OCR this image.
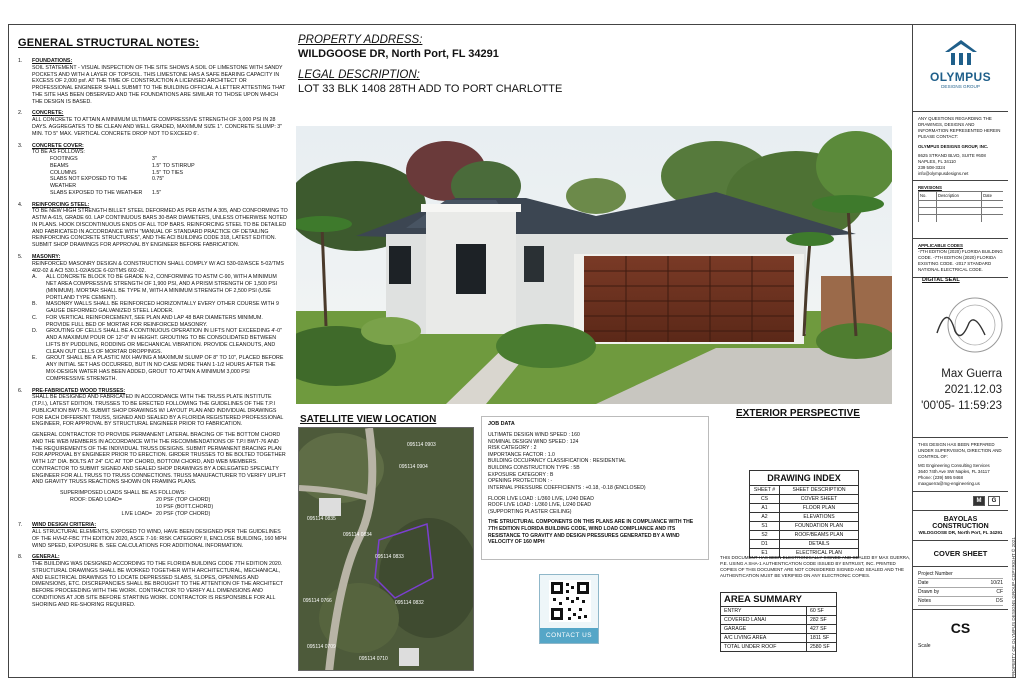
GENERAL STRUCTURAL NOTES:
1.	FOUNDATIONS:
SOIL STATEMENT - VISUAL INSPECTION OF THE SITE SHOWS A SOIL OF LIMESTONE WITH SANDY POCKETS AND WITH A LAYER OF TOPSOIL. THIS LIMESTONE HAS A SAFE BEARING CAPACITY IN EXCESS OF 2,000 psf. AT THE TIME OF CONSTRUCTION A LICENSED ARCHITECT OR PROFESSIONAL ENGINEER SHALL SUBMIT TO THE BUILDING OFFICIAL A LETTER ATTESTING THAT THE SITE HAS BEEN OBSERVED AND THE FOUNDATIONS ARE SIMILAR TO THOSE UPON WHICH THE DESIGN IS BASED.
2.	CONCRETE:
ALL CONCRETE TO ATTAIN A MINIMUM ULTIMATE COMPRESSIVE STRENGTH OF 3,000 PSI IN 28 DAYS. AGGREGATES TO BE CLEAN AND WELL GRADED, MAXIMUM SIZE 1". CONCRETE SLUMP: 3" MIN. TO 5" MAX. VERTICAL CONCRETE DROP NOT TO EXCEED 6'.
3.	CONCRETE COVER:
TO BE AS FOLLOWS:
FOOTINGS	3"
BEAMS	1.5" TO STIRRUP
COLUMNS	1.5" TO TIES
SLABS NOT EXPOSED TO THE WEATHER
0.75"
SLABS EXPOSED TO THE WEATHER	1.5"
4.	REINFORCING STEEL:
TO BE NEW HIGH STRENGTH BILLET STEEL DEFORMED AS PER ASTM A 305, AND CONFORMING TO ASTM A-615, GRADE 60. LAP CONTINUOUS BARS 30-BAR DIAMETERS, UNLESS OTHERWISE NOTED IN PLANS. HOOK DISCONTINUOUS ENDS OF ALL TOP BARS. REINFORCING STEEL TO BE DETAILED AND FABRICATED IN ACCORDANCE WITH "MANUAL OF STANDARD PRACTICE OF DETAILING REINFORCING CONCRETE STRUCTURES", AND THE ACI BUILDING CODE 318, LATEST EDITION. SUBMIT SHOP DRAWINGS FOR APPROVAL BY ENGINEER BEFORE FABRICATION.
5.	MASONRY:
REINFORCED MASONRY DESIGN & CONSTRUCTION SHALL COMPLY W/ ACI 530-02/ASCE 5-02/TMS 402-02 & ACI 530.1-02/ASCE 6-02/TMS 602-02.
A.	ALL CONCRETE BLOCK TO BE GRADE N-2, CONFORMING TO ASTM C-90, WITH A MINIMUM NET AREA COMPRESSIVE STRENGTH OF 1,900 PSI, AND A PRISM STRENGTH OF 1,500 PSI (MINIMUM). MORTAR SHALL BE TYPE M, WITH A MINIMUM STRENGTH OF 2,500 PSI (USE PORTLAND TYPE CEMENT).
B.	MASONRY WALLS SHALL BE REINFORCED HORIZONTALLY EVERY OTHER COURSE WITH 9 GAUGE DEFORMED GALVANIZED STEEL LADDER.
C.	FOR VERTICAL REINFORCEMENT, SEE PLAN AND LAP 48 BAR DIAMETERS MINIMUM. PROVIDE FULL BED OF MORTAR FOR REINFORCED MASONRY.
D.	GROUTING OF CELLS SHALL BE A CONTINUOUS OPERATION IN LIFTS NOT EXCEEDING 4'-0" AND A MAXIMUM POUR OF 12'-0" IN HEIGHT. GROUTING TO BE CONSOLIDATED BETWEEN LIFTS BY PUDDLING, RODDING OR MECHANICAL VIBRATION. PROVIDE CLEANOUTS, AND CLEAN OUT CELLS OF MORTAR DROPPINGS.
E.	GROUT SHALL BE A PLASTIC MIX HAVING A MAXIMUM SLUMP OF 8" TO 10", PLACED BEFORE ANY INITIAL SET HAS OCCURRED, BUT IN NO CASE MORE THAN 1-1/2 HOURS AFTER THE MIX-DESIGN WATER HAS BEEN ADDED, GROUT TO ATTAIN A MINIMUM 3,000 PSI COMPRESSIVE STRENGTH.
6.	PRE-FABRICATED WOOD TRUSSES:
SHALL BE DESIGNED AND FABRICATED IN ACCORDANCE WITH THE TRUSS PLATE INSTITUTE (T.P.I.), LATEST EDITION. TRUSSES TO BE ERECTED FOLLOWING THE GUIDELINES OF THE T.P.I PUBLICATION BWT-76. SUBMIT SHOP DRAWINGS W/ LAYOUT PLAN AND INDIVIDUAL DRAWINGS FOR EACH DIFFERENT TRUSS, SIGNED AND SEALED BY A FLORIDA REGISTERED PROFESSIONAL ENGINEER, FOR APPROVAL BY STRUCTURAL ENGINEER PRIOR TO FABRICATION.
GENERAL CONTRACTOR TO PROVIDE PERMANENT LATERAL BRACING OF THE BOTTOM CHORD AND THE WEB MEMBERS IN ACCORDANCE WITH THE RECOMMENDATIONS OF T.P.I BWT-76 AND THE REQUIREMENTS OF THE INDIVIDUAL TRUSS DESIGNS. SUBMIT PERMANENT BRACING PLAN FOR APPROVAL BY ENGINEER PRIOR TO ERECTION. GIRDER TRUSSES TO BE BOLTED TOGETHER WITH 1/2" DIA. BOLTS AT 24" C/C AT TOP CHORD, BOTTOM CHORD, AND WEB MEMBERS. CONTRACTOR TO SUBMIT SIGNED AND SEALED SHOP DRAWINGS BY A DELEGATED SPECIALTY ENGINEER FOR ALL TRUSS TO TRUSS CONNECTIONS. TRUSS MANUFACTURER TO VERIFY UPLIFT AND GRAVITY TRUSS REACTIONS SHOWN ON FRAMING PLANS.
SUPERIMPOSED LOADS SHALL BE AS FOLLOWS:
ROOF: DEAD LOAD=	20 PSF (TOP CHORD)
10 PSF (BOTT.CHORD)
LIVE LOAD= 20 PSF (TOP CHORD)
7.	WIND DESIGN CRITERIA:
ALL STRUCTURAL ELEMENTS, EXPOSED TO WIND, HAVE BEEN DESIGNED PER THE GUIDELINES OF THE HVHZ-FBC 7TH EDITION 2020, ASCE 7-16: RISK CATEGORY II, ENCLOSE BUILDING, 160 MPH WIND SPEED, EXPOSURE B. SEE CALCULATIONS FOR ADDITIONAL INFORMATION.
8.	GENERAL:
THE BUILDING WAS DESIGNED ACCORDING TO THE FLORIDA BUILDING CODE 7TH EDITION 2020. STRUCTURAL DRAWINGS SHALL BE WORKED TOGETHER WITH ARCHITECTURAL, MECHANICAL, AND ELECTRICAL DRAWINGS TO LOCATE DEPRESSED SLABS, SLOPES, OPENINGS AND DIMENSIONS, ETC. DISCREPANCIES SHALL BE BROUGHT TO THE ATTENTION OF THE ARCHITECT BEFORE PROCEEDING WITH THE WORK. CONTRACTOR TO VERIFY ALL DIMENSIONS AND CONDITIONS AT JOB SITE BEFORE STARTING WORK. CONTRACTOR IS RESPONSIBLE FOR ALL SHORING AND RE-SHORING REQUIRED.
PROPERTY ADDRESS:
WILDGOOSE DR, North Port, FL 34291
LEGAL DESCRIPTION:
LOT 33 BLK 1408 28TH ADD TO PORT CHARLOTTE
EXTERIOR PERSPECTIVE
SATELLITE VIEW LOCATION
095114 0903
095114 0904
095114 0835
095114 0834
095114 0833
095114 0832
095114 0766
095114 0709
095114 0710
JOB DATA
ULTIMATE DESIGN WIND SPEED : 160
NOMINAL DESIGN WIND SPEED : 124
RISK CATEGORY : 2
IMPORTANCE FACTOR : 1.0
BUILDING OCCUPANCY CLASSIFICATION : RESIDENTIAL
BUILDING CONSTRUCTION TYPE : 5B
EXPOSURE CATEGORY : B
OPENING PROTECTION : -
INTERNAL PRESSURE COEFFICIENTS : +0.18, -0.18 (ENCLOSED)
FLOOR LIVE LOAD : L/360 LIVE, L/240 DEAD
ROOF LIVE LOAD : L/360 LIVE, L/240 DEAD
(SUPPORTING PLASTER CEILING)
THE STRUCTURAL COMPONENTS ON THIS PLANS ARE IN COMPLIANCE WITH THE 7TH EDITION FLORIDA BUILDING CODE, WIND LOAD COMPLIANCE AND ITS RESISTANCE TO GRAVITY AND DESIGN PRESSURES GENERATED BY A WIND VELOCITY OF 160 MPH
CONTACT US
DRAWING INDEX
SHEET #	SHEET DESCRIPTION
CS	COVER SHEET
A1	FLOOR PLAN
A2	ELEVATIONS
S1	FOUNDATION PLAN
S2	ROOF/BEAMS PLAN
D1	DETAILS
E1	ELECTRICAL PLAN
THIS DOCUMENT HAS BEEN ELECTRONICALLY SIGNED AND SEALED BY MAX GUERRA, P.E. USING A SHA-1 AUTHENTICATION CODE ISSUED BY ENTRUST, INC. PRINTED COPIES OF THIS DOCUMENT ARE NOT CONSIDERED SIGNED AND SEALED AND THE AUTHENTICATION MUST BE VERIFIED ON ANY ELECTRONIC COPIES.
AREA SUMMARY
ENTRY	60 SF
COVERED LANAI	282 SF
GARAGE	427 SF
A/C LIVING AREA	1811 SF
TOTAL UNDER ROOF	2580 SF
OLYMPUS
DESIGNS GROUP
ANY QUESTIONS REGARDING THE DRAWINGS, DESIGNS AND INFORMATION REPRESENTED HEREIN PLEASE CONTACT:
OLYMPUS DESIGNS GROUP, INC.
8625 STRAND BLVD, SUITE #608 NAPLES, FL 34110
239 508-3324
info@olympusdesigns.net
REVISIONS
No.	Description	Date

APPLICABLE CODES
-7TH EDITION (2020) FLORIDA BUILDING CODE. -7TH EDITION (2020) FLORIDA EXISTING CODE. -2017 STANDARD NATIONAL ELECTRICAL CODE.
THIS DESIGN HAS BEEN PREPARED UNDER SUPERVISION, DIRECTION AND CONTROL OF:
MG Engineering Consulting Services
3640 74th Ave SW Naples, FL 34117
Phone: (239) 595 9468
maxguerra@mg-engineering.us
M	G
BAYOLAS CONSTRUCTION
WILDGOOSE DR, North Port, FL 34291
COVER SHEET
Project Number
Date	10/21
Drawn by	CF
Notes	DS
CS
Scale
DIGITAL SEAL
Max Guerra
2021.12.03
'00'05- 11:59:23
PROPERTY OF OLYMPUS DESIGNS GROUP COPYRIGHT © 2021
